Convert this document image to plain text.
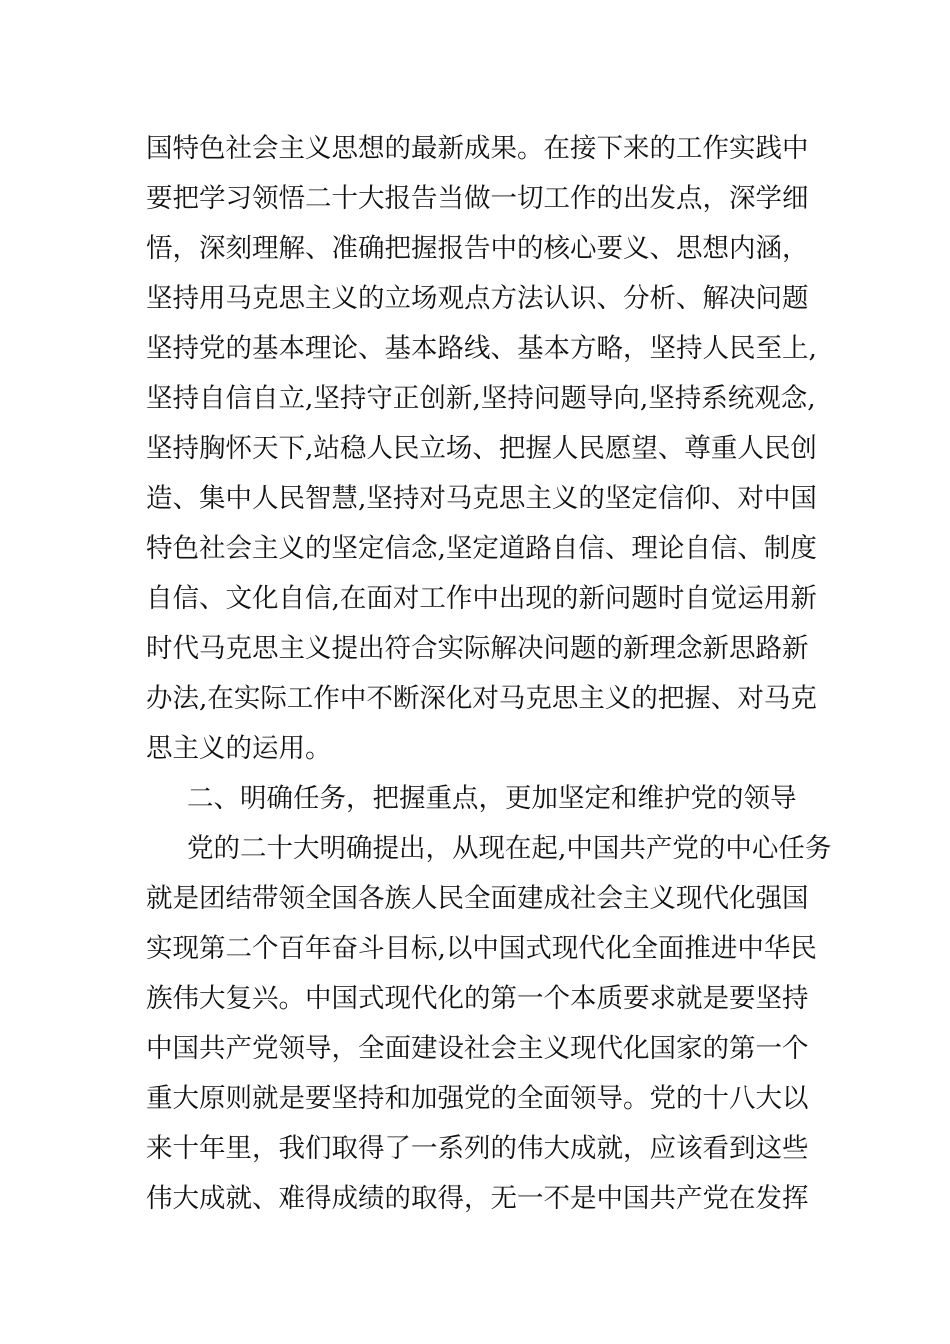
国特色社会主义思想的最新成果。在接下来的工作实践中
要把学习领悟二十大报告当做一切工作的出发点，深学细
悟，深刻理解、准确把握报告中的核心要义、思想内涵，
坚持用马克思主义的立场观点方法认识、分析、解决问题
坚持党的基本理论、基本路线、基本方略，坚持人民至上,
坚持自信自立,坚持守正创新,坚持问题导向,坚持系统观念,
坚持胸怀天下,站稳人民立场、把握人民愿望、尊重人民创
造、集中人民智慧,坚持对马克思主义的坚定信仰、对中国
特色社会主义的坚定信念,坚定道路自信、理论自信、制度
自信、文化自信,在面对工作中出现的新问题时自觉运用新
时代马克思主义提出符合实际解决问题的新理念新思路新
办法,在实际工作中不断深化对马克思主义的把握、对马克
思主义的运用。
二、明确任务，把握重点，更加坚定和维护党的领导
党的二十大明确提出，从现在起,中国共产党的中心任务
就是团结带领全国各族人民全面建成社会主义现代化强国
实现第二个百年奋斗目标,以中国式现代化全面推进中华民
族伟大复兴。中国式现代化的第一个本质要求就是要坚持
中国共产党领导，全面建设社会主义现代化国家的第一个
重大原则就是要坚持和加强党的全面领导。党的十八大以
来十年里，我们取得了一系列的伟大成就，应该看到这些
伟大成就、难得成绩的取得，无一不是中国共产党在发挥
